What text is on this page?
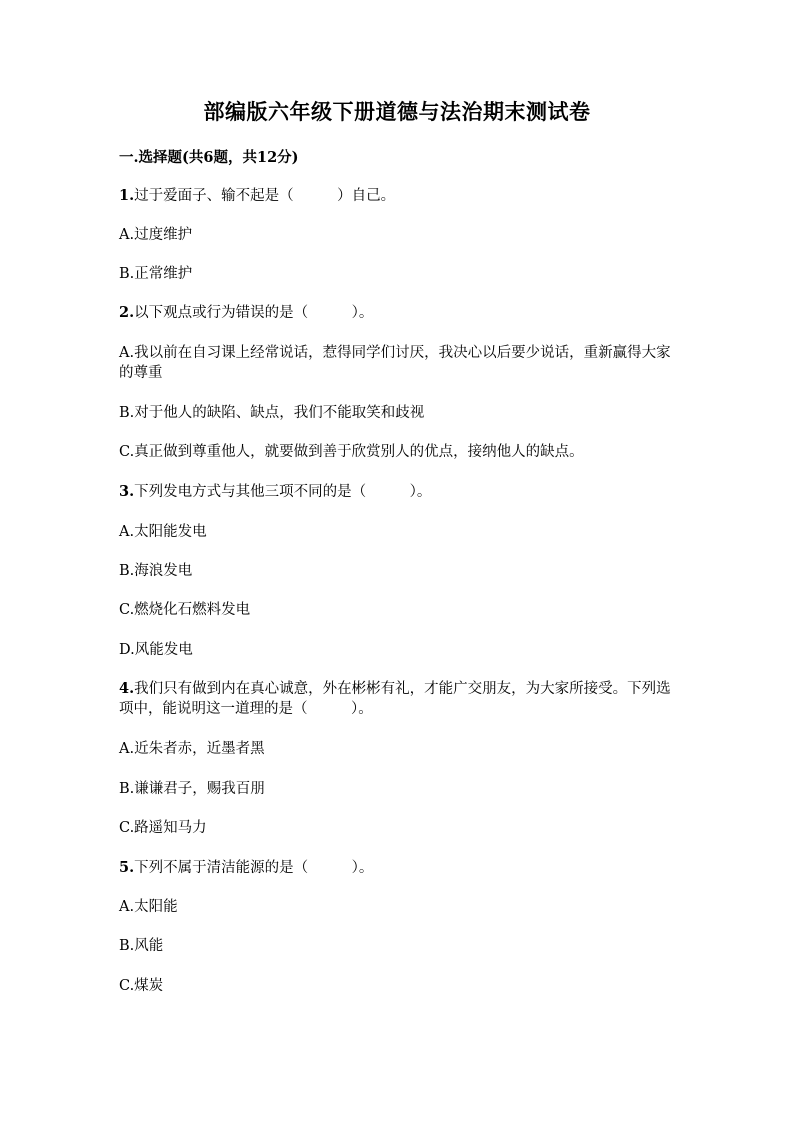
部编版六年级下册道德与法治期末测试卷
一.选择题(共6题，共12分)
1.过于爱面子、输不起是（　　　）自己。
A.过度维护
B.正常维护
2.以下观点或行为错误的是（　　　）。
A.我以前在自习课上经常说话，惹得同学们讨厌，我决心以后要少说话，重新赢得大家的尊重
B.对于他人的缺陷、缺点，我们不能取笑和歧视
C.真正做到尊重他人，就要做到善于欣赏别人的优点，接纳他人的缺点。
3.下列发电方式与其他三项不同的是（　　　）。
A.太阳能发电
B.海浪发电
C.燃烧化石燃料发电
D.风能发电
4.我们只有做到内在真心诚意，外在彬彬有礼，才能广交朋友，为大家所接受。下列选项中，能说明这一道理的是（　　　）。
A.近朱者赤，近墨者黑
B.谦谦君子，赐我百朋
C.路遥知马力
5.下列不属于清洁能源的是（　　　）。
A.太阳能
B.风能
C.煤炭
